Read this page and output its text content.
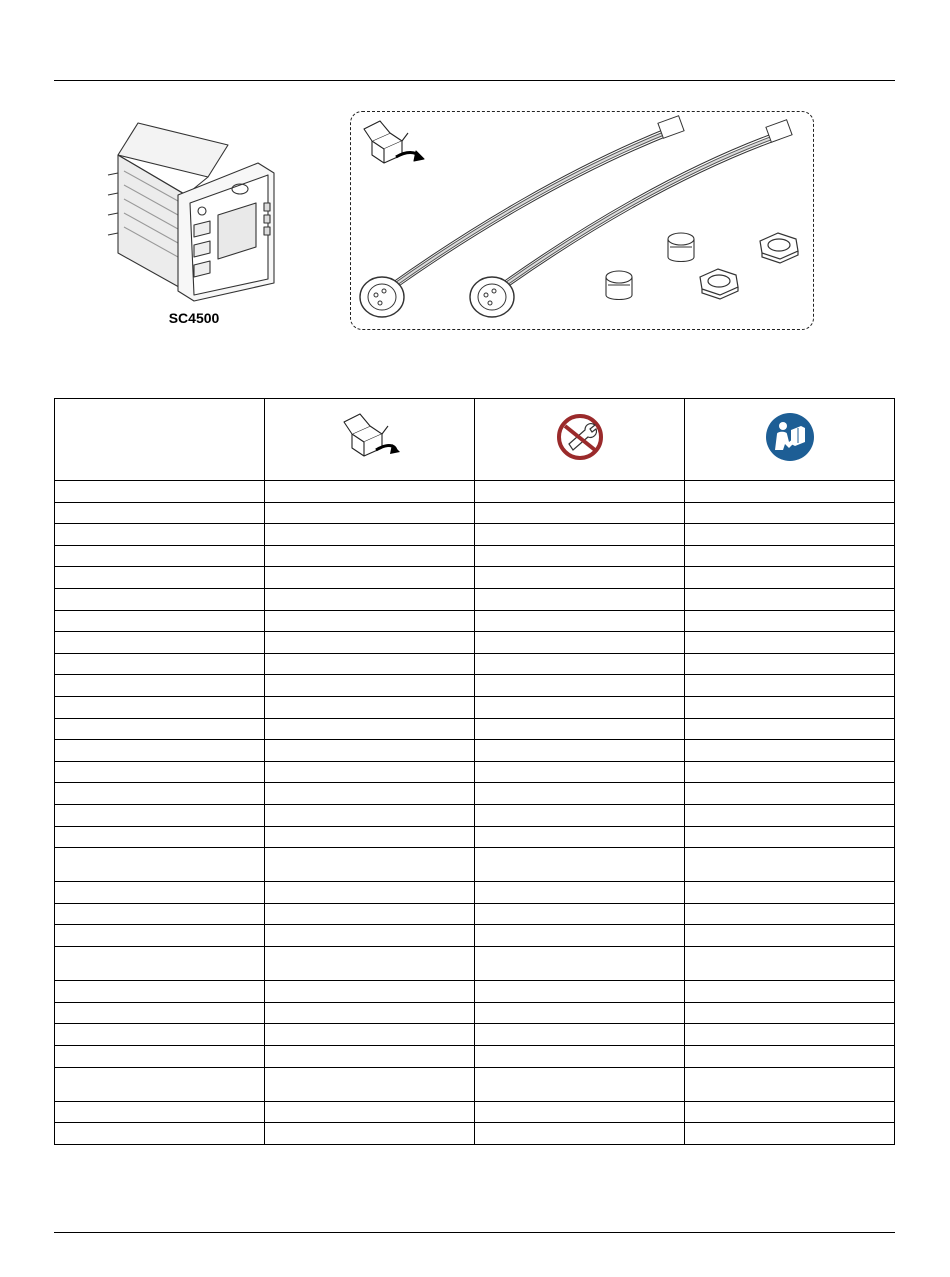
SC4500
